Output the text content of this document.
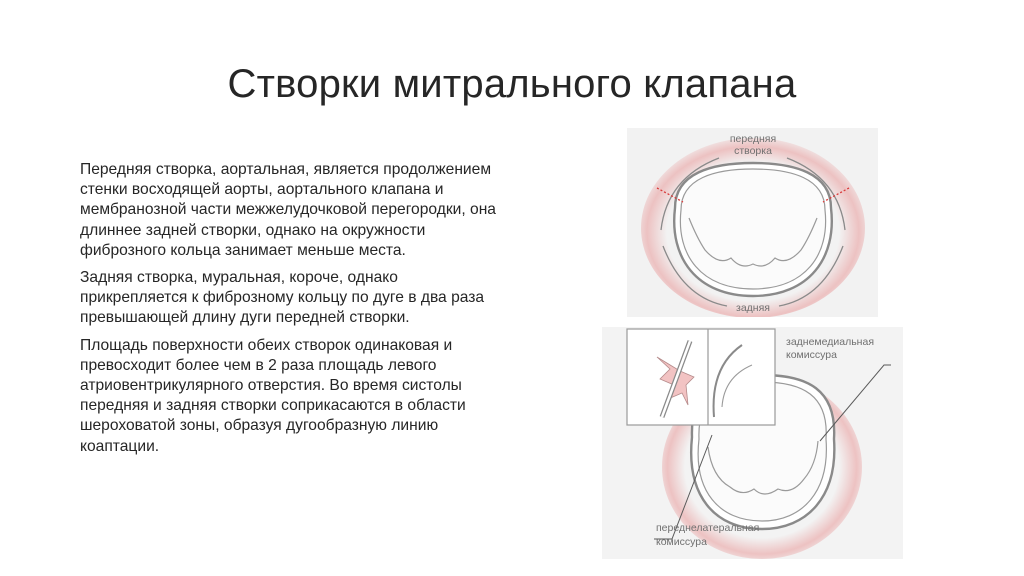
Створки митрального клапана

Передняя створка, аортальная, является продолжением стенки восходящей аорты, аортального клапана и мембранозной части межжелудочковой перегородки, она длиннее задней створки, однако на окружности фиброзного кольца занимает меньше места.

Задняя створка, муральная, короче, однако прикрепляется к фиброзному кольцу по дуге в два раза превышающей длину дуги передней створки.

Площадь поверхности обеих створок одинаковая и превосходит более чем в 2 раза площадь левого атриовентрикулярного отверстия. Во время систолы передняя и задняя створки соприкасаются в области шероховатой зоны, образуя дугообразную линию коаптации.

передняя
створка
задняя
заднемедиальная
комиссура
переднелатеральная
комиссура
